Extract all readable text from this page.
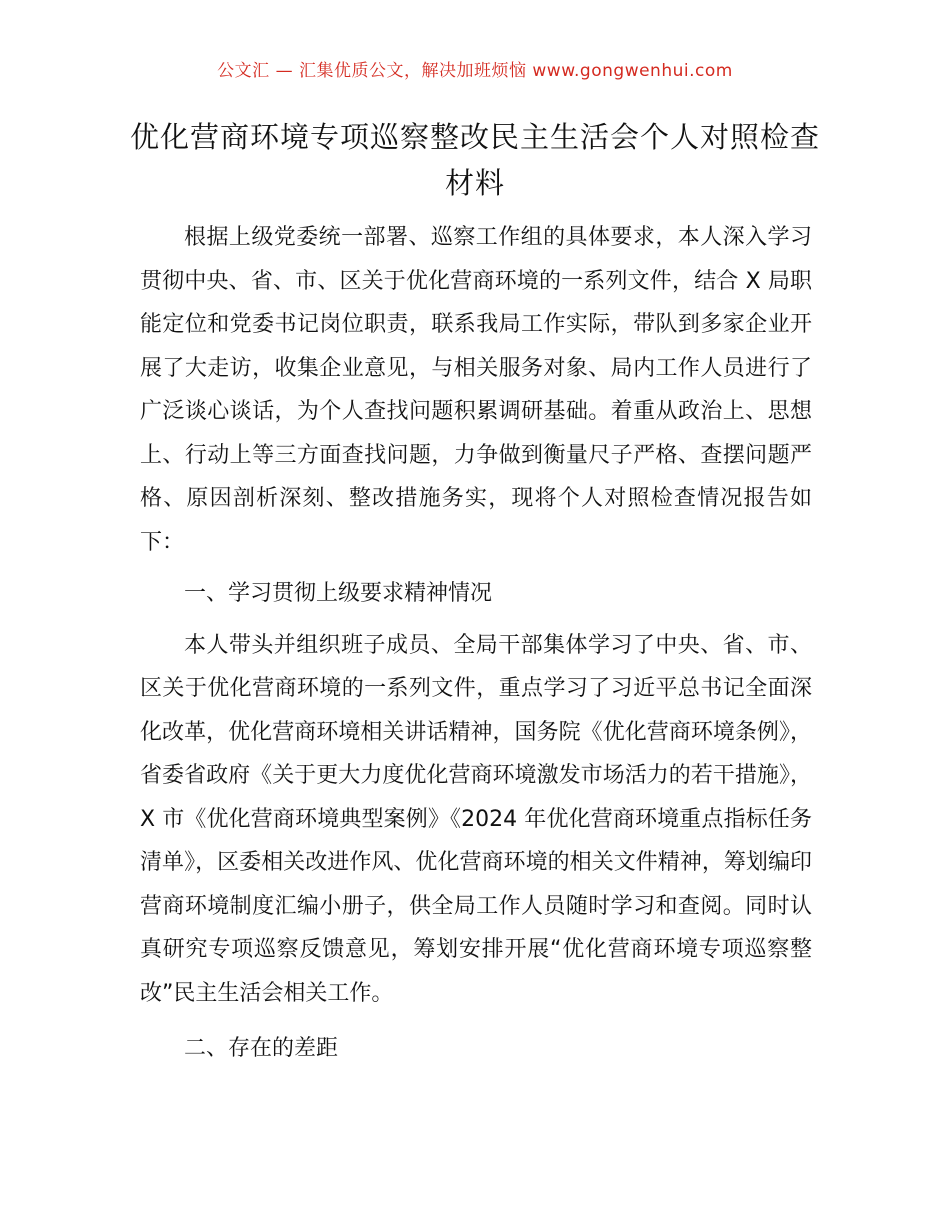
公文汇 — 汇集优质公文，解决加班烦恼 www.gongwenhui.com
优化营商环境专项巡察整改民主生活会个人对照检查材料

根据上级党委统一部署、巡察工作组的具体要求，本人深入学习贯彻中央、省、市、区关于优化营商环境的一系列文件，结合 X 局职能定位和党委书记岗位职责，联系我局工作实际，带队到多家企业开展了大走访，收集企业意见，与相关服务对象、局内工作人员进行了广泛谈心谈话，为个人查找问题积累调研基础。着重从政治上、思想上、行动上等三方面查找问题，力争做到衡量尺子严格、查摆问题严格、原因剖析深刻、整改措施务实，现将个人对照检查情况报告如下：

一、学习贯彻上级要求精神情况

本人带头并组织班子成员、全局干部集体学习了中央、省、市、区关于优化营商环境的一系列文件，重点学习了习近平总书记全面深化改革，优化营商环境相关讲话精神，国务院《优化营商环境条例》，省委省政府《关于更大力度优化营商环境激发市场活力的若干措施》，X 市《优化营商环境典型案例》《2024 年优化营商环境重点指标任务清单》，区委相关改进作风、优化营商环境的相关文件精神，筹划编印营商环境制度汇编小册子，供全局工作人员随时学习和查阅。同时认真研究专项巡察反馈意见，筹划安排开展“优化营商环境专项巡察整改”民主生活会相关工作。

二、存在的差距
